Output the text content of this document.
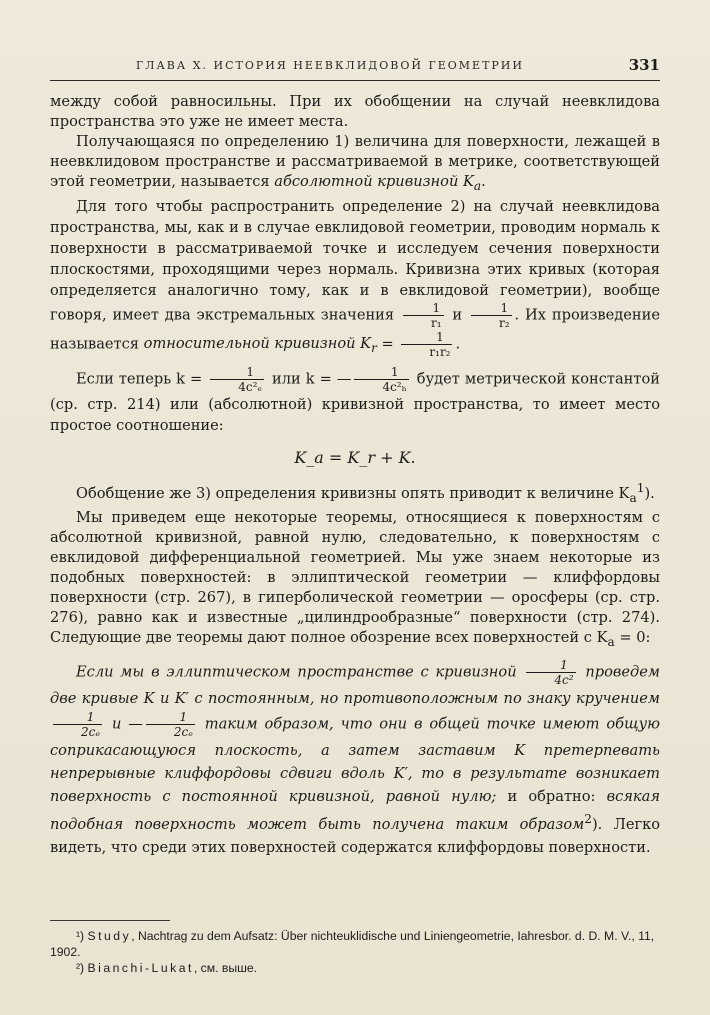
ГЛАВА X. ИСТОРИЯ НЕЕВКЛИДОВОЙ ГЕОМЕТРИИ	331

между собой равносильны. При их обобщении на случай неевклидова пространства это уже не имеет места.

Получающаяся по определению 1) величина для поверхности, лежащей в неевклидовом пространстве и рассматриваемой в метрике, соответствующей этой геометрии, называется абсолютной кривизной $K_a$.

Для того чтобы распространить определение 2) на случай неевклидова пространства, мы, как и в случае евклидовой геометрии, проводим нормаль к поверхности в рассматриваемой точке и исследуем сечения поверхности плоскостями, проходящими через нормаль. Кривизна этих кривых (которая определяется аналогично тому, как и в евклидовой геометрии), вообще говоря, имеет два экстремальных значения $\frac{1}{\text{r₁}}$ и $\frac{1}{\text{r₂}}$ . Их произведение называется относительной кривизной $K_r = \frac{1}{\text{r₁r₂}}$ .

Если теперь $k = \frac{1}{\text{4c²ₑ}}$ или k = — $\frac{1}{\text{4c²ₕ}}$ будет метрической константой (ср. стр. 214) или (абсолютной) кривизной пространства, то имеет место простое соотношение:

K_a = K_r + K.

Обобщение же 3) определения кривизны опять приводит к величине $K_a^1$).

Мы приведем еще некоторые теоремы, относящиеся к поверхностям с абсолютной кривизной, равной нулю, следовательно, к поверхностям с евклидовой дифференциальной геометрией. Мы уже знаем некоторые из подобных поверхностей: в эллиптической геометрии — клиффордовы поверхности (стр. 267), в гиперболической геометрии — оросферы (ср. стр. 276), равно как и известные „цилиндрообразные“ поверхности (стр. 274). Следующие две теоремы дают полное обозрение всех поверхностей с $K_a = 0$:

Если мы в эллиптическом пространстве с кривизной $\frac{1}{\text{4c²}}$ проведем две кривые K и K′ с постоянным, но противоположным по знаку кручением
$\frac{1}{\text{2cₑ}}$ и — $\frac{1}{\text{2cₑ}}$ таким образом, что они в общей точке имеют общую соприкасающуюся плоскость, а затем заставим K претерпевать непрерывные клиффордовы сдвиги вдоль K′, то в результате возникает поверхность с постоянной кривизной, равной нулю; и обратно: всякая подобная поверхность может быть получена таким образом$^2$). Легко видеть, что среди этих поверхностей содержатся клиффордовы поверхности.

¹) Study, Nachtrag zu dem Aufsatz: Über nichteuklidische und Liniengeometrie, Iahresbor. d. D. M. V., 11, 1902.

²) Bianchi-Lukat, см. выше.
